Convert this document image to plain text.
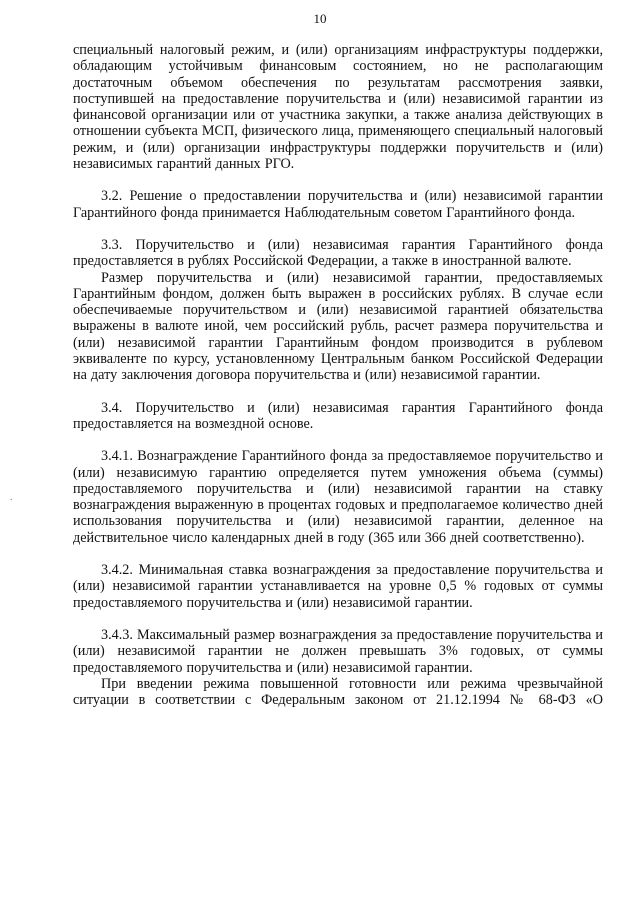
10
.

специальный налоговый режим, и (или) организациям инфраструктуры поддержки, обладающим устойчивым финансовым состоянием, но не располагающим достаточным объемом обеспечения по результатам рассмотрения заявки, поступившей на предоставление поручительства и (или) независимой гарантии из финансовой организации или от участника закупки, а также анализа действующих в отношении субъекта МСП, физического лица, применяющего специальный налоговый режим, и (или) организации инфраструктуры поддержки поручительств и (или) независимых гарантий данных РГО.

3.2. Решение о предоставлении поручительства и (или) независимой гарантии Гарантийного фонда принимается Наблюдательным советом Гарантийного фонда.

3.3. Поручительство и (или) независимая гарантия Гарантийного фонда предоставляется в рублях Российской Федерации, а также в иностранной валюте.

Размер поручительства и (или) независимой гарантии, предоставляемых Гарантийным фондом, должен быть выражен в российских рублях. В случае если обеспечиваемые поручительством и (или) независимой гарантией обязательства выражены в валюте иной, чем российский рубль, расчет размера поручительства и (или) независимой гарантии Гарантийным фондом производится в рублевом эквиваленте по курсу, установленному Центральным банком Российской Федерации на дату заключения договора поручительства и (или) независимой гарантии.

3.4. Поручительство и (или) независимая гарантия Гарантийного фонда предоставляется на возмездной основе.

3.4.1. Вознаграждение Гарантийного фонда за предоставляемое поручительство и (или) независимую гарантию определяется путем умножения объема (суммы) предоставляемого поручительства и (или) независимой гарантии на ставку вознаграждения выраженную в процентах годовых и предполагаемое количество дней использования поручительства и (или) независимой гарантии, деленное на действительное число календарных дней в году (365 или 366 дней соответственно).

3.4.2. Минимальная ставка вознаграждения за предоставление поручительства и (или) независимой гарантии устанавливается на уровне 0,5 % годовых от суммы предоставляемого поручительства и (или) независимой гарантии.

3.4.3. Максимальный размер вознаграждения за предоставление поручительства и (или) независимой гарантии не должен превышать 3% годовых, от суммы предоставляемого поручительства и (или) независимой гарантии.

При введении режима повышенной готовности или режима чрезвычайной ситуации в соответствии с Федеральным законом от 21.12.1994 № 68-ФЗ «О
